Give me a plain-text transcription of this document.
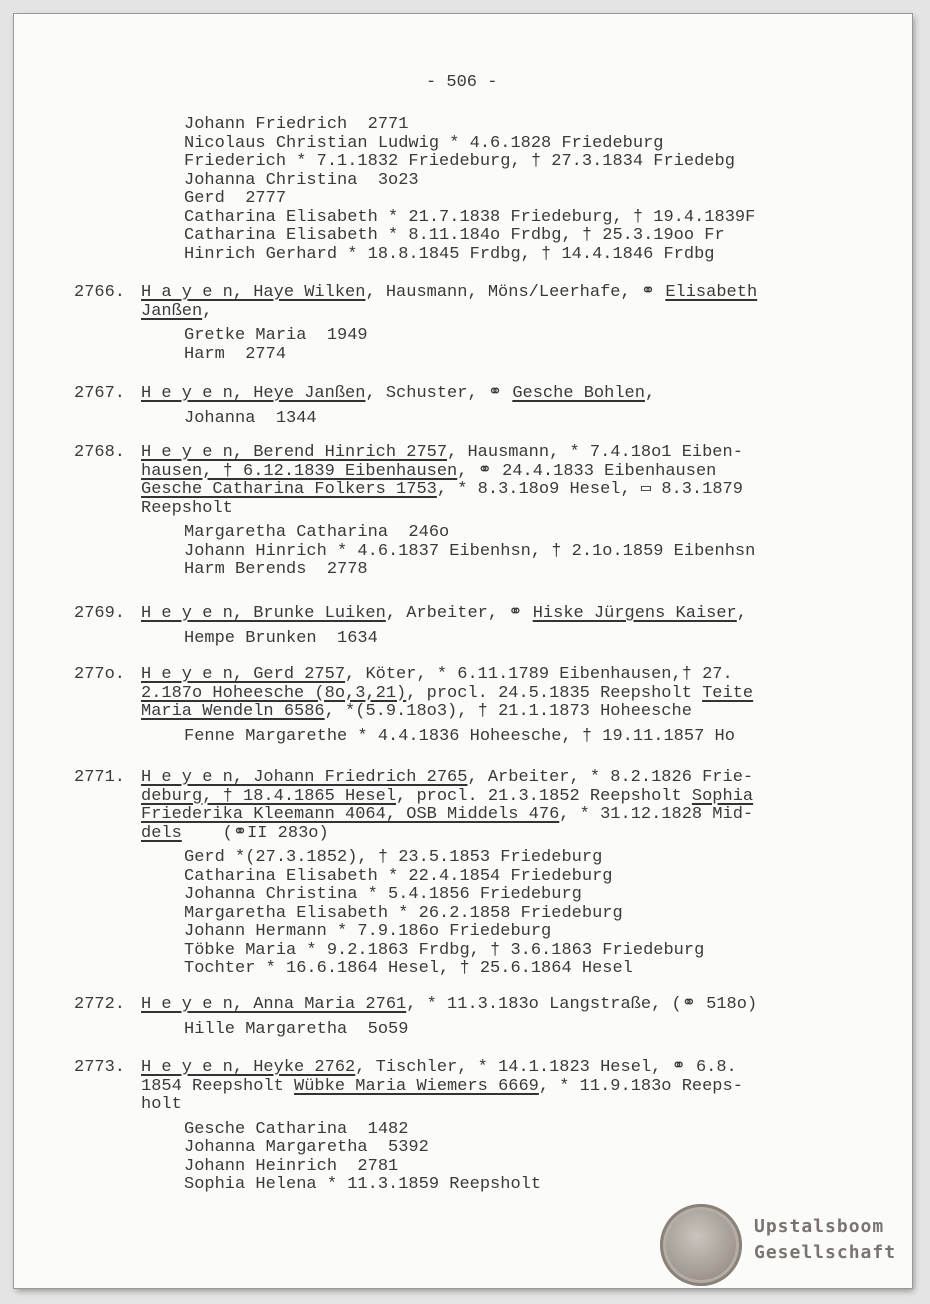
- 506 -
Johann Friedrich  2771
Nicolaus Christian Ludwig * 4.6.1828 Friedeburg
Friederich * 7.1.1832 Friedeburg, † 27.3.1834 Friedebg
Johanna Christina  3o23
Gerd  2777
Catharina Elisabeth * 21.7.1838 Friedeburg, † 19.4.1839F
Catharina Elisabeth * 8.11.184o Frdbg, † 25.3.19oo Fr
Hinrich Gerhard * 18.8.1845 Frdbg, † 14.4.1846 Frdbg
2766. H a y e n, Haye Wilken, Hausmann, Möns/Leerhafe, ⚭ Elisabeth
Janßen,
Gretke Maria  1949
Harm  2774
2767. H e y e n, Heye Janßen, Schuster, ⚭ Gesche Bohlen,
Johanna  1344
2768. H e y e n, Berend Hinrich 2757, Hausmann, * 7.4.18o1 Eiben-
hausen, † 6.12.1839 Eibenhausen, ⚭ 24.4.1833 Eibenhausen
Gesche Catharina Folkers 1753, * 8.3.18o9 Hesel, ▭ 8.3.1879
Reepsholt
Margaretha Catharina  246o
Johann Hinrich * 4.6.1837 Eibenhsn, † 2.1o.1859 Eibenhsn
Harm Berends  2778
2769. H e y e n, Brunke Luiken, Arbeiter, ⚭ Hiske Jürgens Kaiser,
Hempe Brunken  1634
277o. H e y e n, Gerd 2757, Köter, * 6.11.1789 Eibenhausen,† 27.
2.187o Hoheesche (8o,3,21), procl. 24.5.1835 Reepsholt Teite
Maria Wendeln 6586, *(5.9.18o3), † 21.1.1873 Hoheesche
Fenne Margarethe * 4.4.1836 Hoheesche, † 19.11.1857 Ho
2771. H e y e n, Johann Friedrich 2765, Arbeiter, * 8.2.1826 Frie-
deburg, † 18.4.1865 Hesel, procl. 21.3.1852 Reepsholt Sophia
Friederika Kleemann 4064, OSB Middels 476, * 31.12.1828 Mid-
dels    (⚭II 283o)
Gerd *(27.3.1852), † 23.5.1853 Friedeburg
Catharina Elisabeth * 22.4.1854 Friedeburg
Johanna Christina * 5.4.1856 Friedeburg
Margaretha Elisabeth * 26.2.1858 Friedeburg
Johann Hermann * 7.9.186o Friedeburg
Töbke Maria * 9.2.1863 Frdbg, † 3.6.1863 Friedeburg
Tochter * 16.6.1864 Hesel, † 25.6.1864 Hesel
2772. H e y e n, Anna Maria 2761, * 11.3.183o Langstraße, (⚭ 518o)
Hille Margaretha  5o59
2773. H e y e n, Heyke 2762, Tischler, * 14.1.1823 Hesel, ⚭ 6.8.
1854 Reepsholt Wübke Maria Wiemers 6669, * 11.9.183o Reeps-
holt
Gesche Catharina  1482
Johanna Margaretha  5392
Johann Heinrich  2781
Sophia Helena * 11.3.1859 Reepsholt
Upstalsboom
Gesellschaft
